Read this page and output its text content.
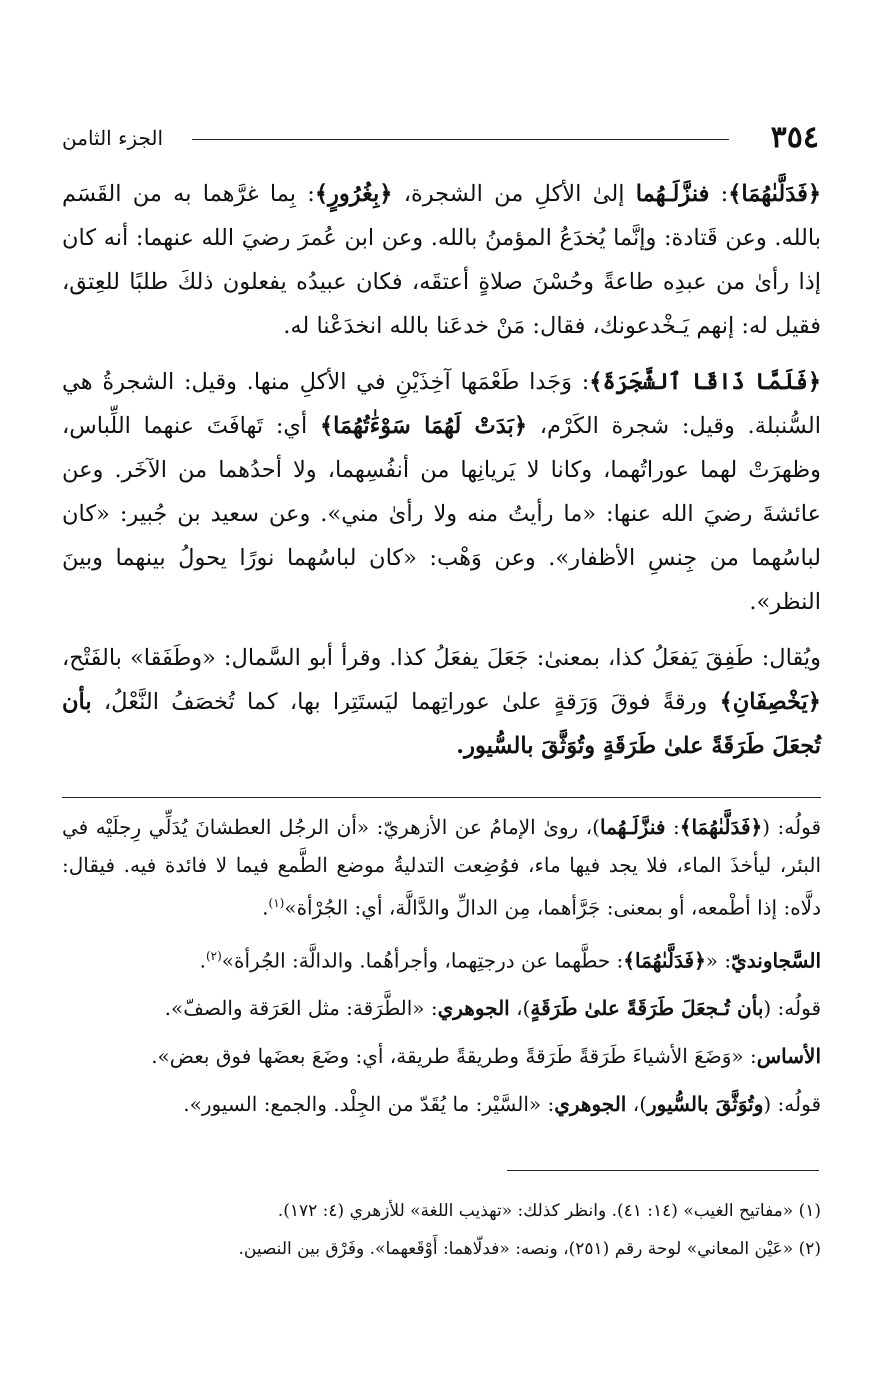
٣٥٤
الجزء الثامن

﴿فَدَلَّىٰهُمَا﴾: فنزَّلَـهُما إلىٰ الأكلِ من الشجرة، ﴿بِغُرُورٍ﴾: بِما غرَّهما به من القَسَم بالله. وعن قَتادة: وإنَّما يُخدَعُ المؤمنُ بالله. وعن ابن عُمرَ رضيَ الله عنهما: أنه كان إذا رأىٰ من عبدِه طاعةً وحُسْنَ صلاةٍ أعتقَه، فكان عبيدُه يفعلون ذلكَ طلبًا للعِتق، فقيل له: إنهم يَـخْدعونك، فقال: مَنْ خدعَنا بالله انخدَعْنا له.

﴿فَلَمَّا ذَاقَا ٱلشَّجَرَةَ﴾: وَجَدا طَعْمَها آخِذَيْنِ في الأكلِ منها. وقيل: الشجرةُ هي السُّنبلة. وقيل: شجرة الكَرْم، ﴿بَدَتْ لَهُمَا سَوْءَٰتُهُمَا﴾ أي: تَهافَتَ عنهما اللِّباس، وظهرَتْ لهما عوراتُهما، وكانا لا يَريانِها من أنفُسِهما، ولا أحدُهما من الآخَر. وعن عائشةَ رضيَ الله عنها: «ما رأيتُ منه ولا رأىٰ مني». وعن سعيد بن جُبير: «كان لباسُهما من جِنسِ الأظفار». وعن وَهْب: «كان لباسُهما نورًا يحولُ بينهما وبينَ النظر».

ويُقال: طَفِقَ يَفعَلُ كذا، بمعنىٰ: جَعَلَ يفعَلُ كذا. وقرأ أبو السَّمال: «وطَفَقا» بالفَتْح، ﴿يَخْصِفَانِ﴾ ورقةً فوقَ وَرَقةٍ علىٰ عوراتِهما ليَستَتِرا بها، كما تُخصَفُ النَّعْلُ، بأن تُجعَلَ طَرَقَةً علىٰ طَرَقَةٍ وتُوَثَّقَ بالسُّيور.

قولُه: (﴿فَدَلَّىٰهُمَا﴾: فنزَّلَـهُما)، روىٰ الإمامُ عن الأزهريّ: «أن الرجُل العطشانَ يُدَلِّي رِجلَيْه في البئر، ليأخذَ الماء، فلا يجد فيها ماء، فوُضِعت التدليةُ موضع الطَّمع فيما لا فائدة فيه. فيقال: دلَّاه: إذا أطْمعه، أو بمعنى: جَرَّأهما، مِن الدالِّ والدَّالَّة، أي: الجُرْأة»$^{(١)}$.

السَّجاونديّ: «﴿فَدَلَّىٰهُمَا﴾: حطَّهما عن درجتِهما، وأجرأهُما. والدالَّة: الجُرأة»$^{(٢)}$.

قولُه: (بأن تُـجعَلَ طَرَقَةً علىٰ طَرَقَةٍ)، الجوهري: «الطَّرَقة: مثل العَرَقة والصفّ».

الأساس: «وَضَعَ الأشياءَ طَرَقةً طَرَقةً وطريقةً طريقة، أي: وضَعَ بعضَها فوق بعض».

قولُه: (وتُوَثَّقَ بالسُّيور)، الجوهري: «السَّيْر: ما يُقَدّ من الجِلْد. والجمع: السيور».

(١) «مفاتيح الغيب» (١٤: ٤١). وانظر كذلك: «تهذيب اللغة» للأزهري (٤: ١٧٢).

(٢) «عَيْن المعاني» لوحة رقم (٢٥١)، ونصه: «فدلّاهما: أَوْقَعهما». وفَرْق بين النصين.
